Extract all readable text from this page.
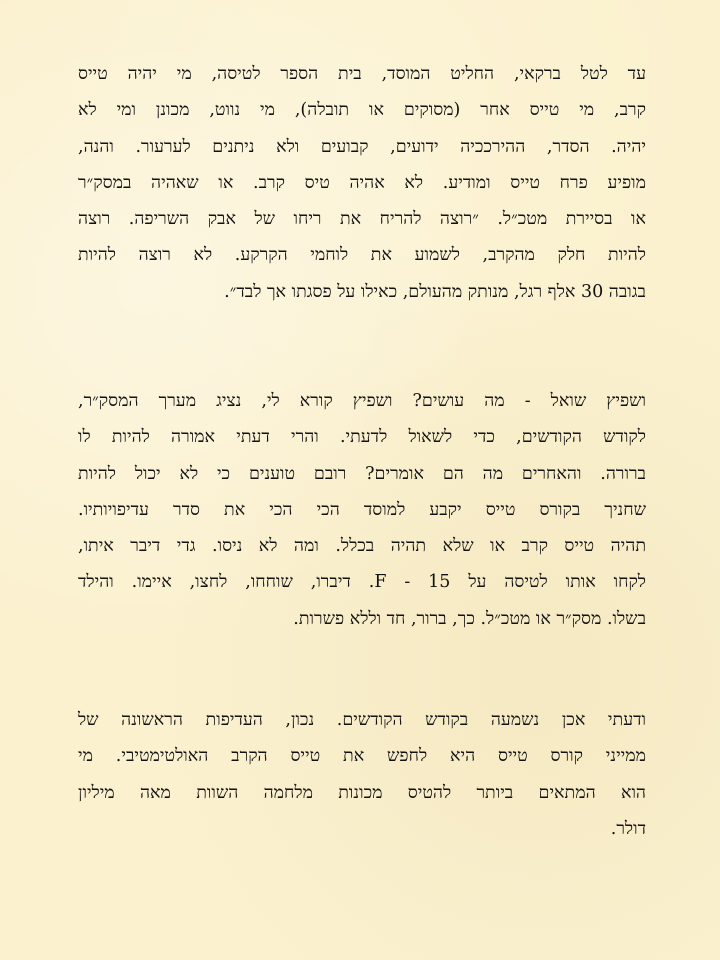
עד לטל ברקאי, החליט המוסד, בית הספר לטיסה, מי יהיה טייס
קרב, מי טייס אחר (מסוקים או תובלה), מי נווט, מכונן ומי לא
יהיה. הסדר, ההירככיה ידועים, קבועים ולא ניתנים לערעור. והנה,
מופיע פרח טייס ומודיע. לא אהיה טיס קרב. או שאהיה במסק״ר
או בסיירת מטכ״ל. ״רוצה להריח את ריחו של אבק השריפה. רוצה
להיות חלק מהקרב, לשמוע את לוחמי הקרקע. לא רוצה להיות
בגובה 30 אלף רגל, מנותק מהעולם, כאילו על פסגתו אך לבד״.
ושפיץ שואל - מה עושים? ושפיץ קורא לי, נציג מערך המסק״ר,
לקודש הקודשים, כדי לשאול לדעתי. והרי דעתי אמורה להיות לו
ברורה. והאחרים מה הם אומרים? רובם טוענים כי לא יכול להיות
שחניך בקורס טייס יקבע למוסד הכי הכי את סדר עדיפויותיו.
תהיה טייס קרב או שלא תהיה בכלל. ומה לא ניסו. גדי דיבר איתו,
לקחו אותו לטיסה על 15 - F. דיברו, שוחחו, לחצו, איימו. והילד
בשלו. מסק״ר או מטכ״ל. כך, ברור, חד וללא פשרות.
ודעתי אכן נשמעה בקודש הקודשים. נכון, העדיפות הראשונה של
ממייני קורס טייס היא לחפש את טייס הקרב האולטימטיבי. מי
הוא המתאים ביותר להטיס מכונות מלחמה השוות מאה מיליון
דולר.
